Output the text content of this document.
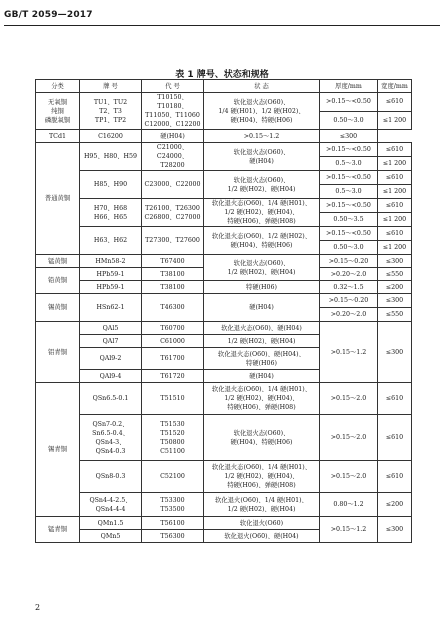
GB/T 2059—2017
表 1 牌号、状态和规格
分类	牌 号	代 号	状 态	厚度/mm	宽度/mm
无氧铜
纯铜
磷脱氧铜	TU1、TU2
T2、T3
TP1、TP2	T10150、T10180、
T11050、T11060
C12000、C12200	软化退火态(O60)、
1/4 硬(H01)、1/2 硬(H02)、
硬(H04)、特硬(H06)	>0.15～<0.50	≤610
				0.50～3.0	≤1 200
TCd1	C16200	硬(H04)	>0.15～1.2	≤300	
普通黄铜	H95、H80、H59	C21000、C24000、
T28200	软化退火态(O60)、
硬(H04)	>0.15～<0.50	≤610
				0.5～3.0	≤1 200
	H85、H90	C23000、C22000	软化退火态(O60)、
1/2 硬(H02)、硬(H04)	>0.15～<0.50	≤610
				0.5～3.0	≤1 200
	H70、H68
H66、H65	T26100、T26300
C26800、C27000	软化退火态(O60)、1/4 硬(H01)、
1/2 硬(H02)、硬(H04)、
特硬(H06)、弹硬(H08)	>0.15～<0.50	≤610
				0.50～3.5	≤1 200
	H63、H62	T27300、T27600	软化退火态(O60)、1/2 硬(H02)、
硬(H04)、特硬(H06)	>0.15～<0.50	≤610
				0.50～3.0	≤1 200
锰黄铜	HMn58-2	T67400	软化退火态(O60)、
1/2 硬(H02)、硬(H04)	>0.15～0.20	≤300
铅黄铜	HPb59-1	T38100		>0.20～2.0	≤550
	HPb59-1	T38100	特硬(H06)	0.32～1.5	≤200
锡黄铜	HSn62-1	T46300	硬(H04)	>0.15～0.20	≤300
				>0.20～2.0	≤550
铝青铜	QAl5	T60700	软化退火态(O60)、硬(H04)	>0.15～1.2	≤300
	QAl7	C61000	1/2 硬(H02)、硬(H04)		
	QAl9-2	T61700	软化退火态(O60)、硬(H04)、
特硬(H06)		
	QAl9-4	T61720	硬(H04)		
锡青铜	QSn6.5-0.1	T51510	软化退火态(O60)、1/4 硬(H01)、
1/2 硬(H02)、硬(H04)、
特硬(H06)、弹硬(H08)	>0.15～2.0	≤610
	QSn7-0.2、
Sn6.5-0.4、
QSn4-3、
QSn4-0.3	T51530
T51520
T50800
C51100	软化退火态(O60)、
硬(H04)、特硬(H06)	>0.15～2.0	≤610
	QSn8-0.3	C52100	软化退火态(O60)、1/4 硬(H01)、
1/2 硬(H02)、硬(H04)、
特硬(H06)、弹硬(H08)	>0.15～2.0	≤610
	QSn4-4-2.5、
QSn4-4-4	T53300
T53500	软化退火(O60)、1/4 硬(H01)、
1/2 硬(H02)、硬(H04)	0.80～1.2	≤200
锰青铜	QMn1.5	T56100	软化退火(O60)	>0.15～1.2	≤300
	QMn5	T56300	软化退火(O60)、硬(H04)		
2
